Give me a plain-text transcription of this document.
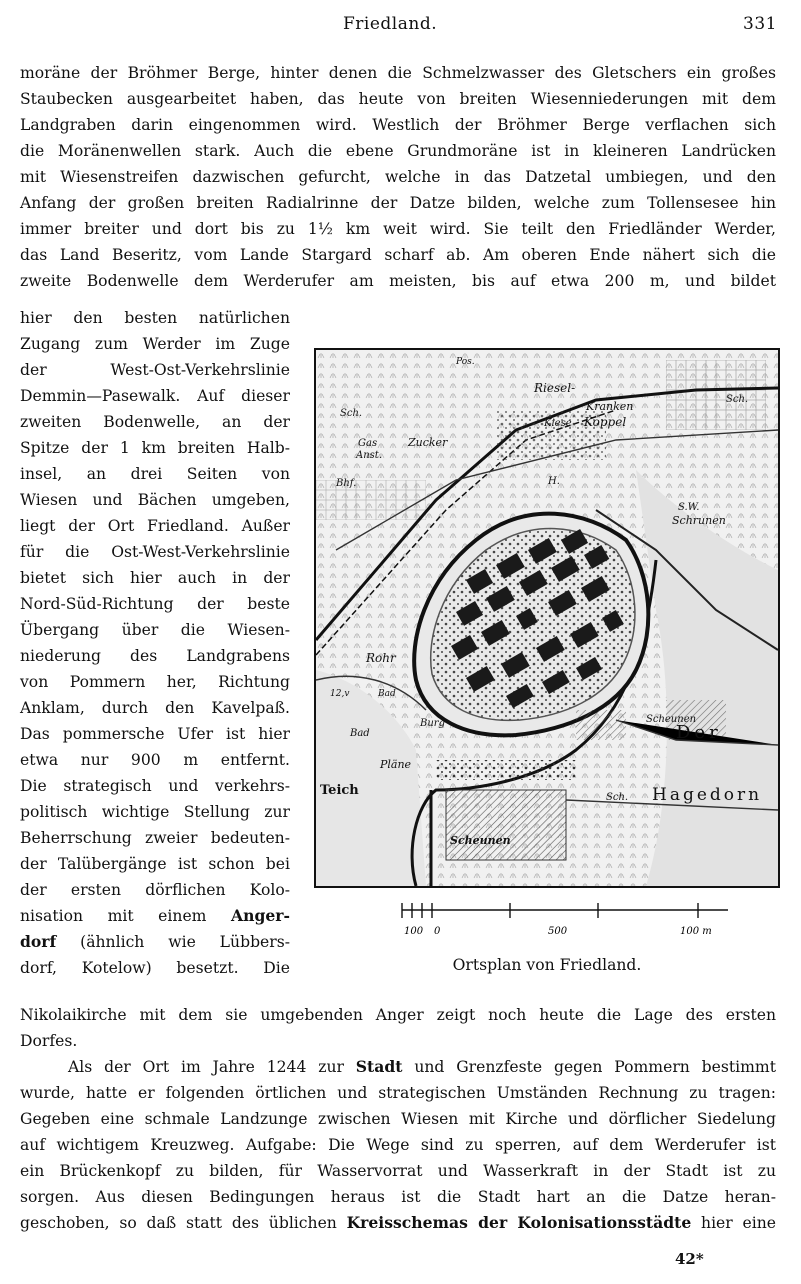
Friedland.	331
moräne der Bröhmer Berge, hinter denen die Schmelzwasser des Gletschers ein großes
Staubecken ausgearbeitet haben, das heute von breiten Wiesenniederungen mit dem
Landgraben darin eingenommen wird. Westlich der Bröhmer Berge verflachen sich
die Moränenwellen stark. Auch die ebene Grundmoräne ist in kleineren Landrücken
mit Wiesenstreifen dazwischen gefurcht, welche in das Datzetal umbiegen, und den
Anfang der großen breiten Radialrinne der Datze bilden, welche zum Tollensesee hin
immer breiter und dort bis zu 1½ km weit wird. Sie teilt den Friedländer Werder,
das Land Beseritz, vom Lande Stargard scharf ab. Am oberen Ende nähert sich die
zweite Bodenwelle dem Werderufer am meisten, bis auf etwa 200 m, und bildet
hier den besten natürlichen
Zugang zum Werder im Zuge
der West-Ost-Verkehrslinie
Demmin—Pasewalk. Auf dieser
zweiten Bodenwelle, an der
Spitze der 1 km breiten Halb-
insel, an drei Seiten von
Wiesen und Bächen umgeben,
liegt der Ort Friedland. Außer
für die Ost-West-Verkehrslinie
bietet sich hier auch in der
Nord-Süd-Richtung der beste
Übergang über die Wiesen-
niederung des Landgrabens
von Pommern her, Richtung
Anklam, durch den Kavelpaß.
Das pommersche Ufer ist hier
etwa nur 900 m entfernt.
Die strategisch und verkehrs-
politisch wichtige Stellung zur
Beherrschung zweier bedeuten-
der Talübergänge ist schon bei
der ersten dörflichen Kolo-
nisation mit einem Anger-
dorf (ähnlich wie Lübbers-
dorf, Kotelow) besetzt. Die
Nikolaikirche mit dem sie umgebenden Anger zeigt noch heute die Lage des ersten
Dorfes.
Als der Ort im Jahre 1244 zur Stadt und Grenzfeste gegen Pommern bestimmt
wurde, hatte er folgenden örtlichen und strategischen Umständen Rechnung zu tragen:
Gegeben eine schmale Landzunge zwischen Wiesen mit Kirche und dörflicher Siedelung
auf wichtigem Kreuzweg. Aufgabe: Die Wege sind zu sperren, auf dem Werderufer ist
ein Brückenkopf zu bilden, für Wasservorrat und Wasserkraft in der Stadt ist zu
sorgen. Aus diesen Bedingungen heraus ist die Stadt hart an die Datze heran-
geschoben, so daß statt des üblichen Kreisschemas der Kolonisationsstädte hier eine
Pos.
Riesel-
Kranken
Koppel
Kiese
Sch.
Sch.
Gas
Anst.
Zucker
Bhf.	H.
S.W.
Schrunen
Rohr
12,v	Bad
Burg
Bad
Pläne
Teich
Scheunen
Scheunen
Der
Hagedorn
Sch.
100 0	500	100 m
Ortsplan von Friedland.
42*
